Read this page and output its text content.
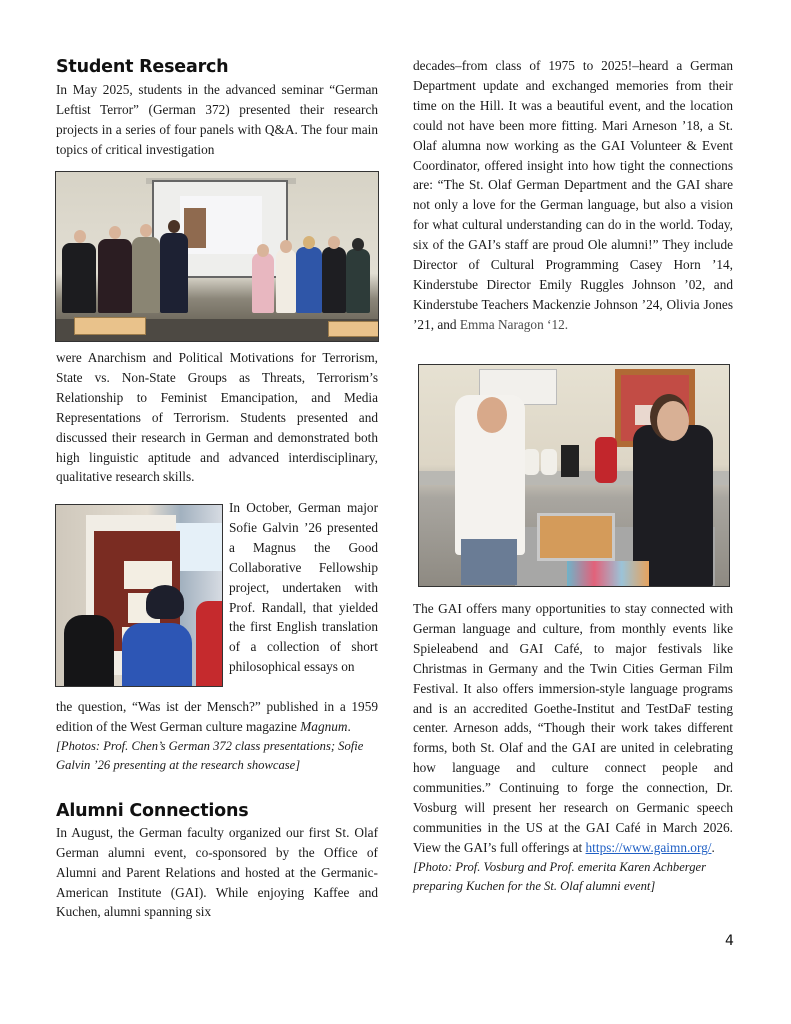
Student Research

In May 2025, students in the advanced seminar “German Leftist Terror” (German 372) presented their research projects in a series of four panels with Q&A. The four main topics of critical investigation

were Anarchism and Political Motivations for Terrorism, State vs. Non-State Groups as Threats, Terrorism’s Relationship to Feminist Emancipation, and Media Representations of Terrorism. Students presented and discussed their research in German and demonstrated both high linguistic aptitude and advanced interdisciplinary, qualitative research skills.

In October, German major Sofie Galvin ’26 presented a Magnus the Good Collaborative Fellowship project, undertaken with Prof. Randall, that yielded the first English translation of a collection of short philosophical essays on

the question, “Was ist der Mensch?” published in a 1959 edition of the West German culture magazine Magnum.

[Photos: Prof. Chen’s German 372 class presentations; Sofie Galvin ’26 presenting at the research showcase]

Alumni Connections

In August, the German faculty organized our first St. Olaf German alumni event, co-sponsored by the Office of Alumni and Parent Relations and hosted at the Germanic-American Institute (GAI). While enjoying Kaffee and Kuchen, alumni spanning six

decades–from class of 1975 to 2025!–heard a German Department update and exchanged memories from their time on the Hill. It was a beautiful event, and the location could not have been more fitting. Mari Arneson ’18, a St. Olaf alumna now working as the GAI Volunteer & Event Coordinator, offered insight into how tight the connections are: “The St. Olaf German Department and the GAI share not only a love for the German language, but also a vision for what cultural understanding can do in the world. Today, six of the GAI’s staff are proud Ole alumni!” They include Director of Cultural Programming Casey Horn ’14, Kinderstube Director Emily Ruggles Johnson ’02, and Kinderstube Teachers Mackenzie Johnson ’24, Olivia Jones ’21, and Emma Naragon ‘12.

The GAI offers many opportunities to stay connected with German language and culture, from monthly events like Spieleabend and GAI Café, to major festivals like Christmas in Germany and the Twin Cities German Film Festival. It also offers immersion-style language programs and is an accredited Goethe-Institut and TestDaF testing center. Arneson adds, “Though their work takes different forms, both St. Olaf and the GAI are united in celebrating how language and culture connect people and communities.” Continuing to forge the connection, Dr. Vosburg will present her research on Germanic speech communities in the US at the GAI Café in March 2026. View the GAI’s full offerings at https://www.gaimn.org/.

[Photo: Prof. Vosburg and Prof. emerita Karen Achberger preparing Kuchen for the St. Olaf alumni event]

4
